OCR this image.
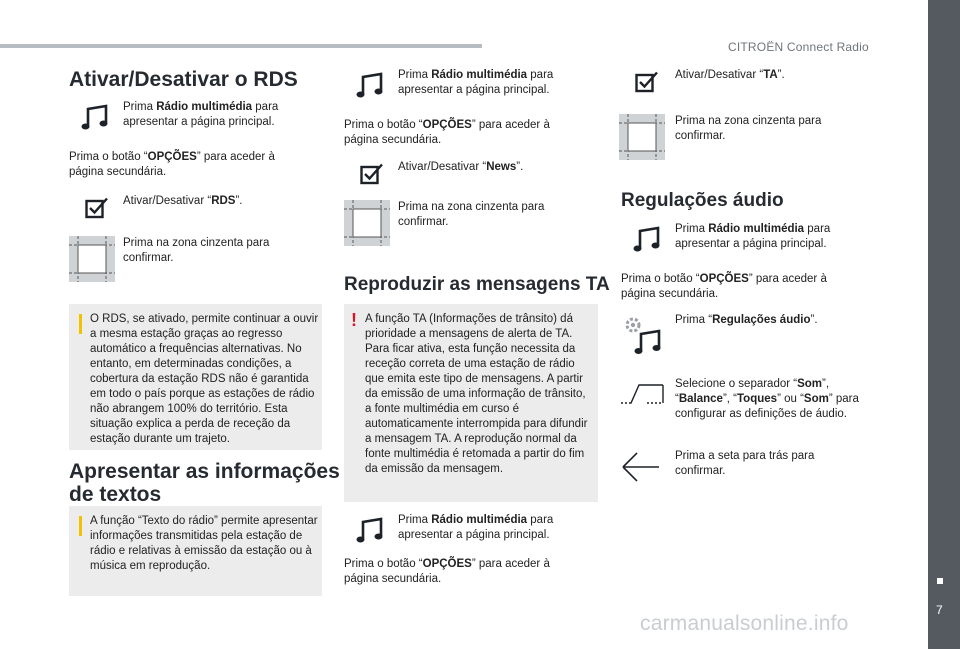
CITROËN Connect Radio
7
carmanualsonline.info
Ativar/Desativar o RDS
Prima Rádio multimédia para apresentar a página principal.

Prima o botão “OPÇÕES” para aceder à página secundária.

Ativar/Desativar “RDS”.
Prima na zona cinzenta para confirmar.
O RDS, se ativado, permite continuar a ouvir a mesma estação graças ao regresso automático a frequências alternativas. No entanto, em determinadas condições, a cobertura da estação RDS não é garantida em todo o país porque as estações de rádio não abrangem 100% do território. Esta situação explica a perda de receção da estação durante um trajeto.
Apresentar as informações
de textos
A função “Texto do rádio” permite apresentar informações transmitidas pela estação de rádio e relativas à emissão da estação ou à música em reprodução.
Prima Rádio multimédia para apresentar a página principal.

Prima o botão “OPÇÕES” para aceder à página secundária.

Ativar/Desativar “News”.
Prima na zona cinzenta para confirmar.
Reproduzir as mensagens TA
! A função TA (Informações de trânsito) dá prioridade a mensagens de alerta de TA. Para ficar ativa, esta função necessita da receção correta de uma estação de rádio que emita este tipo de mensagens. A partir da emissão de uma informação de trânsito, a fonte multimédia em curso é automaticamente interrompida para difundir a mensagem TA. A reprodução normal da fonte multimédia é retomada a partir do fim da emissão da mensagem.
Prima Rádio multimédia para apresentar a página principal.

Prima o botão “OPÇÕES” para aceder à página secundária.

Ativar/Desativar “TA”.
Prima na zona cinzenta para confirmar.
Regulações áudio
Prima Rádio multimédia para apresentar a página principal.

Prima o botão “OPÇÕES” para aceder à página secundária.

Prima “Regulações áudio”.
Selecione o separador “Som”, “Balance”, “Toques” ou “Som” para configurar as definições de áudio.
Prima a seta para trás para confirmar.
